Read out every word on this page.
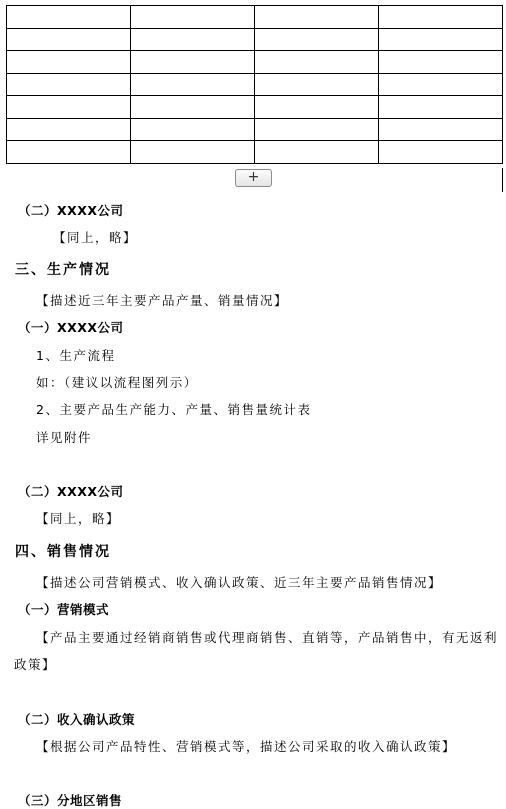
+
（二）XXXX公司
【同上，略】
三、生产情况
【描述近三年主要产品产量、销量情况】
（一）XXXX公司
1、生产流程
如：（建议以流程图列示）
2、主要产品生产能力、产量、销售量统计表
详见附件
（二）XXXX公司
【同上，略】
四、销售情况
【描述公司营销模式、收入确认政策、近三年主要产品销售情况】
（一）营销模式
【产品主要通过经销商销售或代理商销售、直销等，产品销售中，有无返利
政策】
（二）收入确认政策
【根据公司产品特性、营销模式等，描述公司采取的收入确认政策】
（三）分地区销售
